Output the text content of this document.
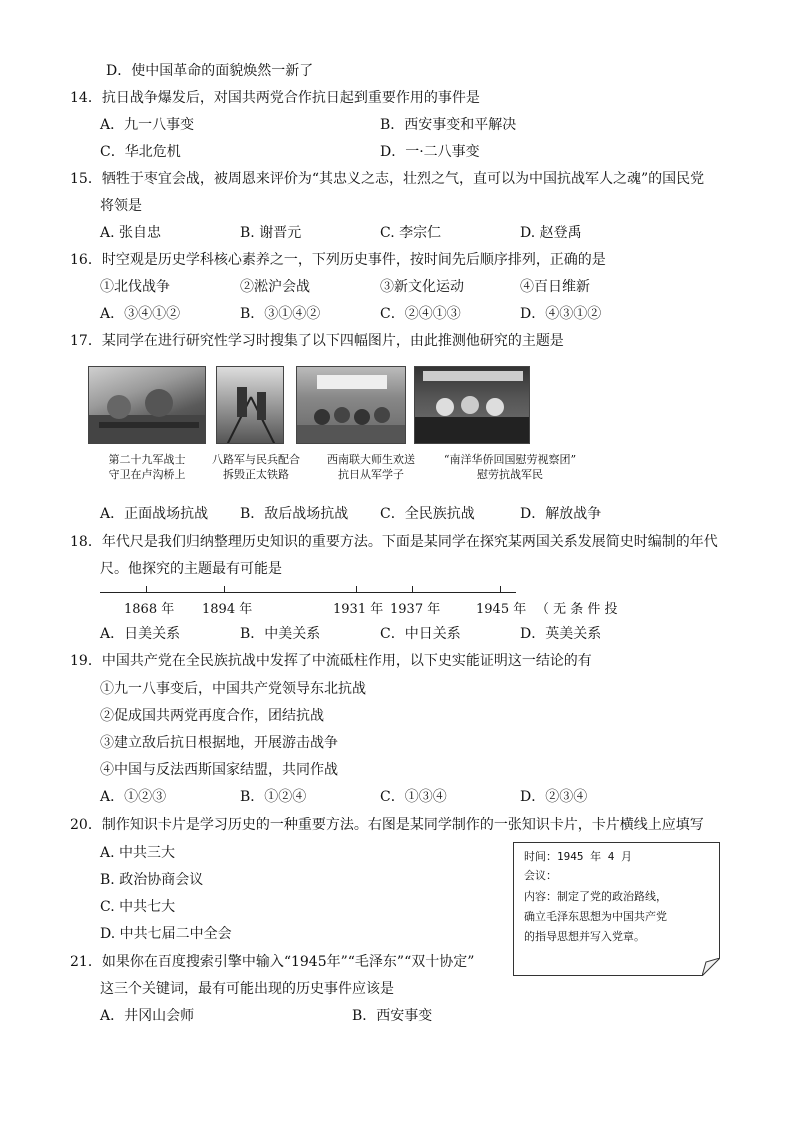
D．使中国革命的面貌焕然一新了
14．抗日战争爆发后，对国共两党合作抗日起到重要作用的事件是
A．九一八事变	B．西安事变和平解决
C．华北危机	D．一·二八事变
15．牺牲于枣宜会战，被周恩来评价为“其忠义之志，壮烈之气，直可以为中国抗战军人之魂”的国民党
将领是
A. 张自忠	B. 谢晋元	C. 李宗仁	D. 赵登禹
16．时空观是历史学科核心素养之一，下列历史事件，按时间先后顺序排列，正确的是
①北伐战争	②淞沪会战	③新文化运动	④百日维新
A．③④①②	B．③①④②	C．②④①③	D．④③①②
17．某同学在进行研究性学习时搜集了以下四幅图片，由此推测他研究的主题是
第二十九军战士
守卫在卢沟桥上
八路军与民兵配合
拆毁正太铁路
西南联大师生欢送
抗日从军学子
“南洋华侨回国慰劳视察团”
慰劳抗战军民
A．正面战场抗战 B．敌后战场抗战 C．全民族抗战	D．解放战争
18．年代尺是我们归纳整理历史知识的重要方法。下面是某同学在探究某两国关系发展简史时编制的年代
尺。他探究的主题最有可能是
1868 年 1894 年	1931 年 1937 年	1945 年 （ 无 条 件 投
A．日美关系	B．中美关系	C．中日关系	D．英美关系
19．中国共产党在全民族抗战中发挥了中流砥柱作用，以下史实能证明这一结论的有
①九一八事变后，中国共产党领导东北抗战
②促成国共两党再度合作，团结抗战
③建立敌后抗日根据地，开展游击战争
④中国与反法西斯国家结盟，共同作战
A．①②③	B．①②④	C．①③④	D．②③④
20．制作知识卡片是学习历史的一种重要方法。右图是某同学制作的一张知识卡片，卡片横线上应填写
A. 中共三大
B. 政治协商会议
C. 中共七大
D. 中共七届二中全会
时间：1945 年 4 月
会议：
内容：制定了党的政治路线，
确立毛泽东思想为中国共产党
的指导思想并写入党章。
21．如果你在百度搜索引擎中输入“1945年”“毛泽东”“双十协定”
这三个关键词，最有可能出现的历史事件应该是
A．井冈山会师	B．西安事变
